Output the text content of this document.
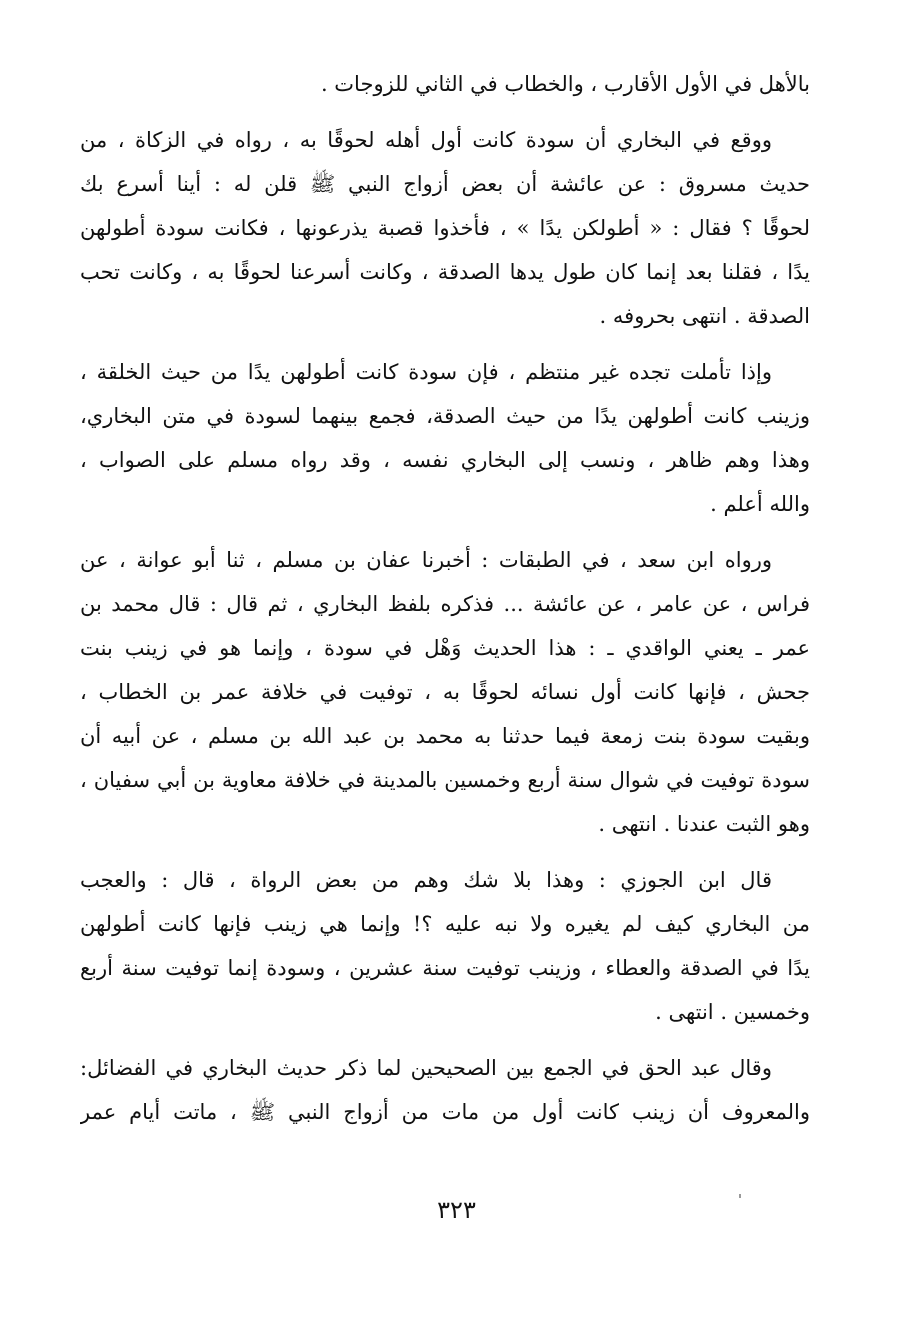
بالأهل في الأول الأقارب ، والخطاب في الثاني للزوجات .
ووقع في البخاري أن سودة كانت أول أهله لحوقًا به ، رواه في الزكاة ، من
حديث مسروق : عن عائشة أن بعض أزواج النبي ﷺ قلن له : أينا أسرع بك
لحوقًا ؟ فقال : « أطولكن يدًا » ، فأخذوا قصبة يذرعونها ، فكانت سودة أطولهن
يدًا ، فقلنا بعد إنما كان طول يدها الصدقة ، وكانت أسرعنا لحوقًا به ، وكانت تحب
الصدقة . انتهى بحروفه .
وإذا تأملت تجده غير منتظم ، فإن سودة كانت أطولهن يدًا من حيث الخلقة ،
وزينب كانت أطولهن يدًا من حيث الصدقة، فجمع بينهما لسودة في متن البخاري،
وهذا وهم ظاهر ، ونسب إلى البخاري نفسه ، وقد رواه مسلم على الصواب ،
والله أعلم .
ورواه ابن سعد ، في الطبقات : أخبرنا عفان بن مسلم ، ثنا أبو عوانة ، عن
فراس ، عن عامر ، عن عائشة ... فذكره بلفظ البخاري ، ثم قال : قال محمد بن
عمر ـ يعني الواقدي ـ : هذا الحديث وَهْل في سودة ، وإنما هو في زينب بنت
جحش ، فإنها كانت أول نسائه لحوقًا به ، توفيت في خلافة عمر بن الخطاب ،
وبقيت سودة بنت زمعة فيما حدثنا به محمد بن عبد الله بن مسلم ، عن أبيه أن
سودة توفيت في شوال سنة أربع وخمسين بالمدينة في خلافة معاوية بن أبي سفيان ،
وهو الثبت عندنا . انتهى .
قال ابن الجوزي : وهذا بلا شك وهم من بعض الرواة ، قال : والعجب
من البخاري كيف لم يغيره ولا نبه عليه ؟! وإنما هي زينب فإنها كانت أطولهن
يدًا في الصدقة والعطاء ، وزينب توفيت سنة عشرين ، وسودة إنما توفيت سنة أربع
وخمسين . انتهى .
وقال عبد الحق في الجمع بين الصحيحين لما ذكر حديث البخاري في الفضائل:
والمعروف أن زينب كانت أول من مات من أزواج النبي ﷺ ، ماتت أيام عمر
٣٢٣
